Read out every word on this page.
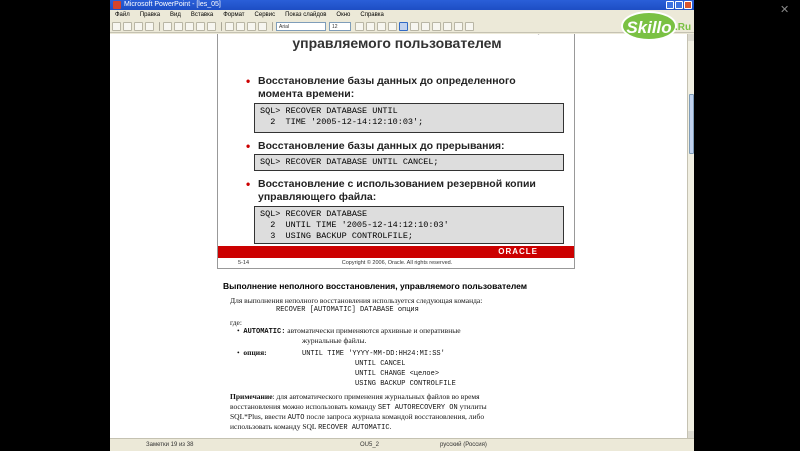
Microsoft PowerPoint - [les_05]
Файл	Правка	Вид	Вставка	Формат	Сервис	Показ слайдов	Окно	Справка
Arial	12
управляемого пользователем
• Восстановление базы данных до определенного момента времени:
SQL> RECOVER DATABASE UNTIL
2  TIME '2005-12-14:12:10:03';
• Восстановление базы данных до прерывания:
SQL> RECOVER DATABASE UNTIL CANCEL;
• Восстановление с использованием резервной копии управляющего файла:
SQL> RECOVER DATABASE
2  UNTIL TIME '2005-12-14:12:10:03'
3  USING BACKUP CONTROLFILE;
ORACLE
5-14	Copyright © 2006, Oracle. All rights reserved.
Выполнение неполного восстановления, управляемого пользователем
Для выполнения неполного восстановления используется следующая команда:
RECOVER [AUTOMATIC] DATABASE опция
где:
•  AUTOMATIC: автоматически применяются архивные и оперативные
журнальные файлы.
•  опция:	UNTIL TIME 'YYYY-MM-DD:HH24:MI:SS'
UNTIL CANCEL
UNTIL CHANGE <целое>
USING BACKUP CONTROLFILE
Примечание: для автоматического применения журнальных файлов во время
восстановления можно использовать команду SET AUTORECOVERY ON утилиты
SQL*Plus, ввести AUTO после запроса журнала командой восстановления, либо
использовать команду SQL RECOVER AUTOMATIC.
Заметки 19 из 38	OU5_2	русский (Россия)
Skillo .Ru
✕
